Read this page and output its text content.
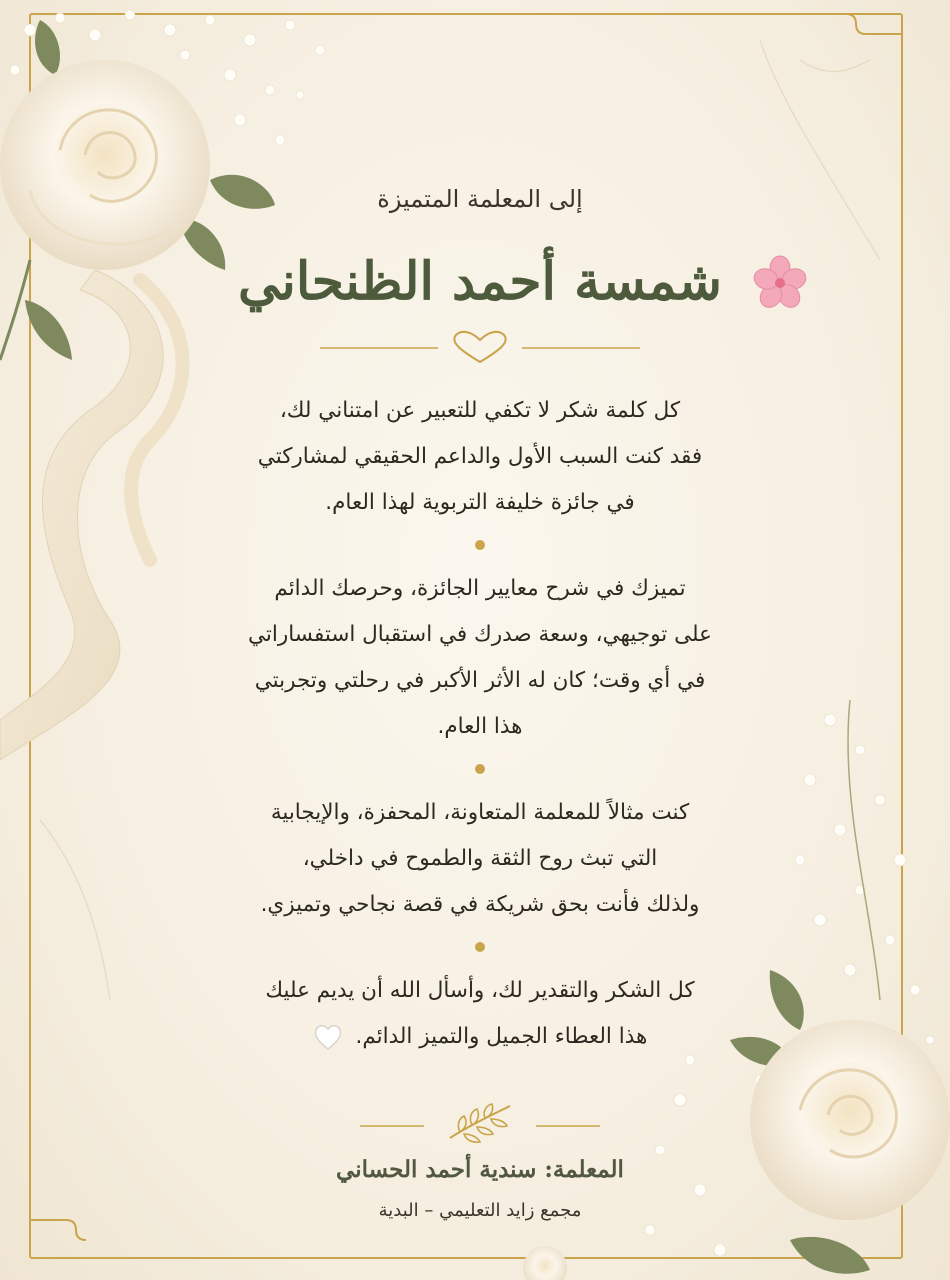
إلى المعلمة المتميزة
شمسة أحمد الظنحاني

كل كلمة شكر لا تكفي للتعبير عن امتناني لك،
فقد كنت السبب الأول والداعم الحقيقي لمشاركتي
في جائزة خليفة التربوية لهذا العام.

تميزك في شرح معايير الجائزة، وحرصك الدائم
على توجيهي، وسعة صدرك في استقبال استفساراتي
في أي وقت؛ كان له الأثر الأكبر في رحلتي وتجربتي
هذا العام.

كنت مثالاً للمعلمة المتعاونة، المحفزة، والإيجابية
التي تبث روح الثقة والطموح في داخلي،
ولذلك فأنت بحق شريكة في قصة نجاحي وتميزي.

كل الشكر والتقدير لك، وأسأل الله أن يديم عليك
هذا العطاء الجميل والتميز الدائم.

المعلمة: سندية أحمد الحساني
مجمع زايد التعليمي – البدية
